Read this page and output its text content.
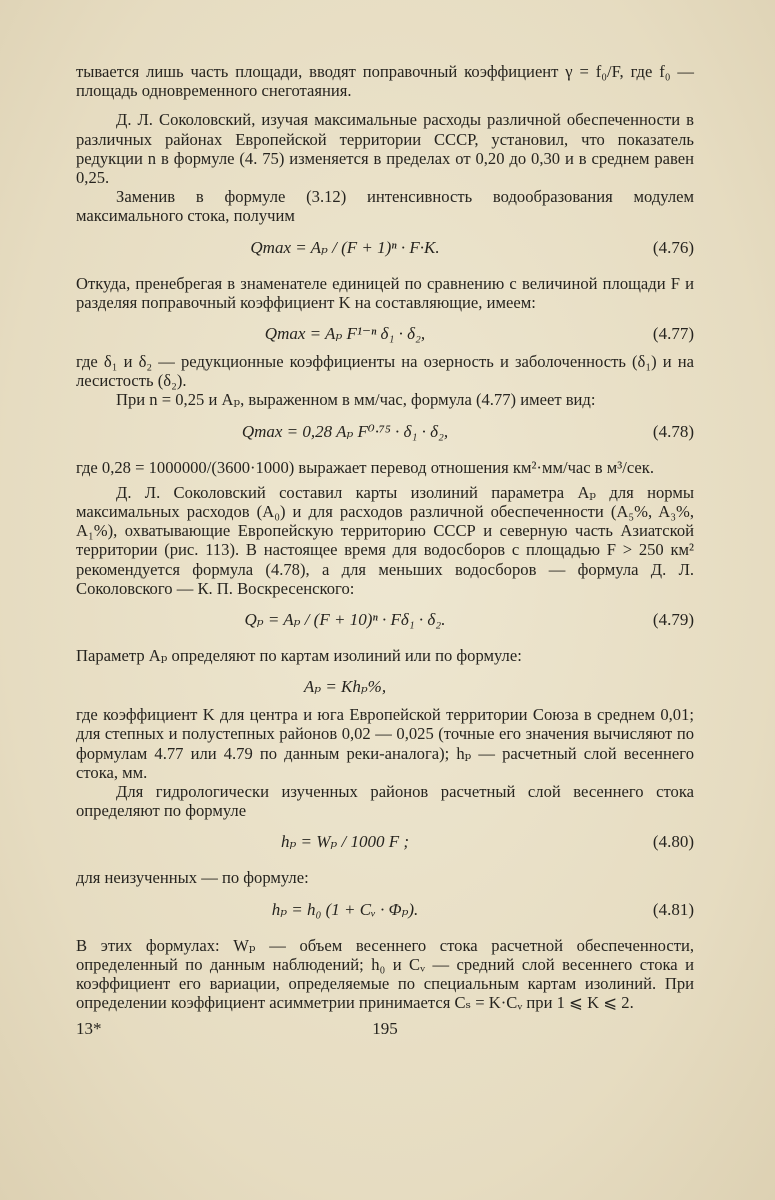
тывается лишь часть площади, вводят поправочный коэффициент γ = f₀/F, где f₀ — площадь одновременного снеготаяния.

Д. Л. Соколовский, изучая максимальные расходы различной обеспеченности в различных районах Европейской территории СССР, установил, что показатель редукции n в формуле (4. 75) изменяется в пределах от 0,20 до 0,30 и в среднем равен 0,25.

Заменив в формуле (3.12) интенсивность водообразования модулем максимального стока, получим

Qmax = Aₚ / (F + 1)ⁿ · F·K.	(4.76)

Откуда, пренебрегая в знаменателе единицей по сравнению с величиной площади F и разделяя поправочный коэффициент K на составляющие, имеем:

Qmax = Aₚ F¹⁻ⁿ δ₁ · δ₂,	(4.77)

где δ₁ и δ₂ — редукционные коэффициенты на озерность и заболоченность (δ₁) и на лесистость (δ₂).

При n = 0,25 и Aₚ, выраженном в мм/час, формула (4.77) имеет вид:

Qmax = 0,28 Aₚ F⁰·⁷⁵ · δ₁ · δ₂,	(4.78)

где 0,28 = 1000000/(3600·1000) выражает перевод отношения км²·мм/час в м³/сек.

Д. Л. Соколовский составил карты изолиний параметра Aₚ для нормы максимальных расходов (A₀) и для расходов различной обеспеченности (A₅%, A₃%, A₁%), охватывающие Европейскую территорию СССР и северную часть Азиатской территории (рис. 113). В настоящее время для водосборов с площадью F > 250 км² рекомендуется формула (4.78), а для меньших водосборов — формула Д. Л. Соколовского — К. П. Воскресенского:

Qₚ = Aₚ / (F + 10)ⁿ · Fδ₁ · δ₂.	(4.79)

Параметр Aₚ определяют по картам изолиний или по формуле:

Aₚ = Khₚ%,

где коэффициент K для центра и юга Европейской территории Союза в среднем 0,01; для степных и полустепных районов 0,02 — 0,025 (точные его значения вычисляют по формулам 4.77 или 4.79 по данным реки-аналога); hₚ — расчетный слой весеннего стока, мм.

Для гидрологически изученных районов расчетный слой весеннего стока определяют по формуле

hₚ = Wₚ / 1000 F ;	(4.80)

для неизученных — по формуле:

hₚ = h₀ (1 + Cᵥ · Φₚ).	(4.81)

В этих формулах: Wₚ — объем весеннего стока расчетной обеспеченности, определенный по данным наблюдений; h₀ и Cᵥ — средний слой весеннего стока и коэффициент его вариации, определяемые по специальным картам изолиний. При определении коэффициент асимметрии принимается Cₛ = K·Cᵥ при 1 ⩽ K ⩽ 2.

13*	195
